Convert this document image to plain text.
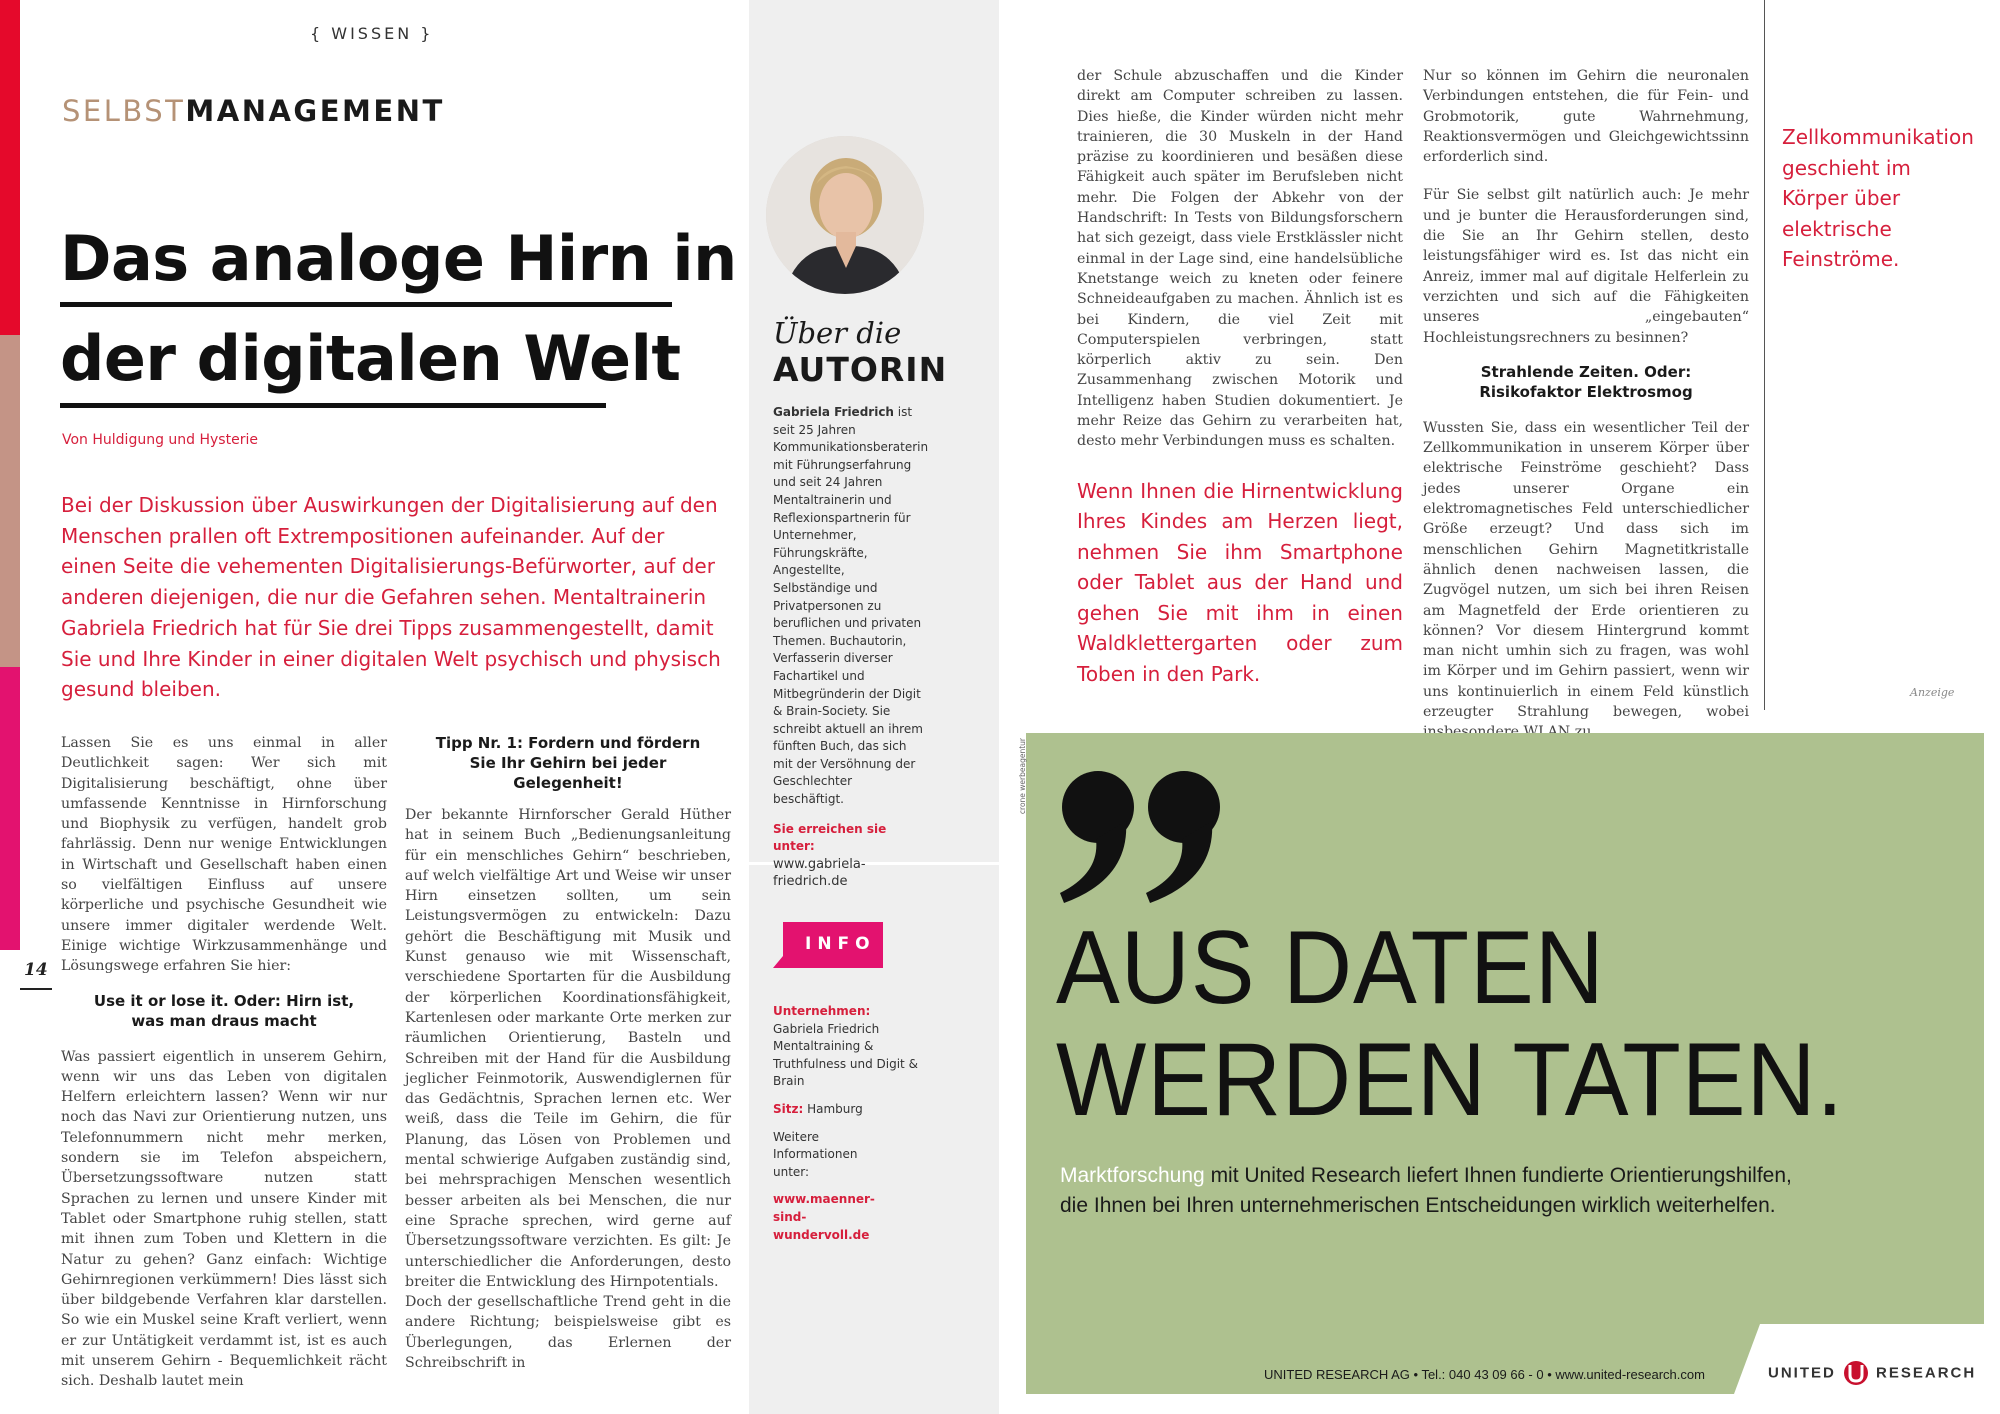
14
{ WISSEN }
SELBSTMANAGEMENT
Das analoge Hirn in
der digitalen Welt
Von Huldigung und Hysterie
Bei der Diskussion über Auswirkungen der Digitalisierung auf den Menschen prallen oft Extrempositionen aufeinander. Auf der einen Seite die vehementen Digitalisierungs-Befürworter, auf der anderen diejenigen, die nur die Gefahren sehen. Mentaltrainerin Gabriela Friedrich hat für Sie drei Tipps zusammengestellt, damit Sie und Ihre Kinder in einer digitalen Welt psychisch und physisch gesund bleiben.

Lassen Sie es uns einmal in aller Deutlichkeit sagen: Wer sich mit Digitalisierung beschäftigt, ohne über umfassende Kenntnisse in Hirnforschung und Biophysik zu verfügen, handelt grob fahrlässig. Denn nur wenige Entwicklungen in Wirtschaft und Gesellschaft haben einen so vielfältigen Einfluss auf unsere körperliche und psychische Gesundheit wie unsere immer digitaler werdende Welt. Einige wichtige Wirkzusammenhänge und Lösungswege erfahren Sie hier:

Use it or lose it. Oder: Hirn ist, was man draus macht

Was passiert eigentlich in unserem Gehirn, wenn wir uns das Leben von digitalen Helfern erleichtern lassen? Wenn wir nur noch das Navi zur Orientierung nutzen, uns Telefonnummern nicht mehr merken, sondern sie im Telefon abspeichern, Übersetzungssoftware nutzen statt Sprachen zu lernen und unsere Kinder mit Tablet oder Smartphone ruhig stellen, statt mit ihnen zum Toben und Klettern in die Natur zu gehen? Ganz einfach: Wichtige Gehirnregionen verkümmern! Dies lässt sich über bildgebende Verfahren klar darstellen. So wie ein Muskel seine Kraft verliert, wenn er zur Untätigkeit verdammt ist, ist es auch mit unserem Gehirn - Bequemlichkeit rächt sich. Deshalb lautet mein

Tipp Nr. 1: Fordern und fördern Sie Ihr Gehirn bei jeder Gelegenheit!

Der bekannte Hirnforscher Gerald Hüther hat in seinem Buch „Bedienungsanleitung für ein menschliches Gehirn“ beschrieben, auf welch vielfältige Art und Weise wir unser Hirn einsetzen sollten, um sein Leistungsvermögen zu entwickeln: Dazu gehört die Beschäftigung mit Musik und Kunst genauso wie mit Wissenschaft, verschiedene Sportarten für die Ausbildung der körperlichen Koordinationsfähigkeit, Kartenlesen oder markante Orte merken zur räumlichen Orientierung, Basteln und Schreiben mit der Hand für die Ausbildung jeglicher Feinmotorik, Auswendiglernen für das Gedächtnis, Sprachen lernen etc. Wer weiß, dass die Teile im Gehirn, die für Planung, das Lösen von Problemen und mental schwierige Aufgaben zuständig sind, bei mehrsprachigen Menschen wesentlich besser arbeiten als bei Menschen, die nur eine Sprache sprechen, wird gerne auf Übersetzungssoftware verzichten. Es gilt: Je unterschiedlicher die Anforderungen, desto breiter die Entwicklung des Hirnpotentials.

Doch der gesellschaftliche Trend geht in die andere Richtung; beispielsweise gibt es Überlegungen, das Erlernen der Schreibschrift in

Über die
AUTORIN

Gabriela Friedrich ist seit 25 Jahren Kommunikationsberaterin mit Führungserfahrung und seit 24 Jahren Mentaltrainerin und Reflexionspartnerin für Unternehmer, Führungskräfte, Angestellte, Selbständige und Privatpersonen zu beruflichen und privaten Themen. Buchautorin, Verfasserin diverser Fachartikel und Mitbegründerin der Digit & Brain-Society. Sie schreibt aktuell an ihrem fünften Buch, das sich mit der Versöhnung der Geschlechter beschäftigt.

Sie erreichen sie unter:

www.gabriela-friedrich.de

INFO

Unternehmen:

Gabriela Friedrich Mentaltraining & Truthfulness und Digit & Brain

Sitz: Hamburg

Weitere Informationen unter:

www.maenner-sind-wundervoll.de

der Schule abzuschaffen und die Kinder direkt am Computer schreiben zu lassen. Dies hieße, die Kinder würden nicht mehr trainieren, die 30 Muskeln in der Hand präzise zu koordinieren und besäßen diese Fähigkeit auch später im Berufsleben nicht mehr. Die Folgen der Abkehr von der Handschrift: In Tests von Bildungsforschern hat sich gezeigt, dass viele Erstklässler nicht einmal in der Lage sind, eine handelsübliche Knetstange weich zu kneten oder feinere Schneideaufgaben zu machen. Ähnlich ist es bei Kindern, die viel Zeit mit Computerspielen verbringen, statt körperlich aktiv zu sein. Den Zusammenhang zwischen Motorik und Intelligenz haben Studien dokumentiert. Je mehr Reize das Gehirn zu verarbeiten hat, desto mehr Verbindungen muss es schalten.

Wenn Ihnen die Hirnentwicklung Ihres Kindes am Herzen liegt, nehmen Sie ihm Smartphone oder Tablet aus der Hand und gehen Sie mit ihm in einen Waldklettergarten oder zum Toben in den Park.

Nur so können im Gehirn die neuronalen Verbindungen entstehen, die für Fein- und Grobmotorik, gute Wahrnehmung, Reaktionsvermögen und Gleichgewichtssinn erforderlich sind.

Für Sie selbst gilt natürlich auch: Je mehr und je bunter die Herausforderungen sind, die Sie an Ihr Gehirn stellen, desto leistungsfähiger wird es. Ist das nicht ein Anreiz, immer mal auf digitale Helferlein zu verzichten und sich auf die Fähigkeiten unseres „eingebauten“ Hochleistungsrechners zu besinnen?

Strahlende Zeiten. Oder: Risikofaktor Elektrosmog

Wussten Sie, dass ein wesentlicher Teil der Zellkommunikation in unserem Körper über elektrische Feinströme geschieht? Dass jedes unserer Organe ein elektromagnetisches Feld unterschiedlicher Größe erzeugt? Und dass sich im menschlichen Gehirn Magnetitkristalle ähnlich denen nachweisen lassen, die Zugvögel nutzen, um sich bei ihren Reisen am Magnetfeld der Erde orientieren zu können? Vor diesem Hintergrund kommt man nicht umhin sich zu fragen, was wohl im Körper und im Gehirn passiert, wenn wir uns kontinuierlich in einem Feld künstlich erzeugter Strahlung bewegen, wobei

Zellkommunikation geschieht im Körper über elektrische Feinströme.
Anzeige
AUS DATEN
WERDEN TATEN.
Marktforschung mit United Research liefert Ihnen fundierte Orientierungshilfen,
die Ihnen bei Ihren unternehmerischen Entscheidungen wirklich weiterhelfen.
UNITED RESEARCH AG • Tel.: 040 43 09 66 - 0 • www.united-research.com	UNITED	RESEARCH
crone werbeagentur
